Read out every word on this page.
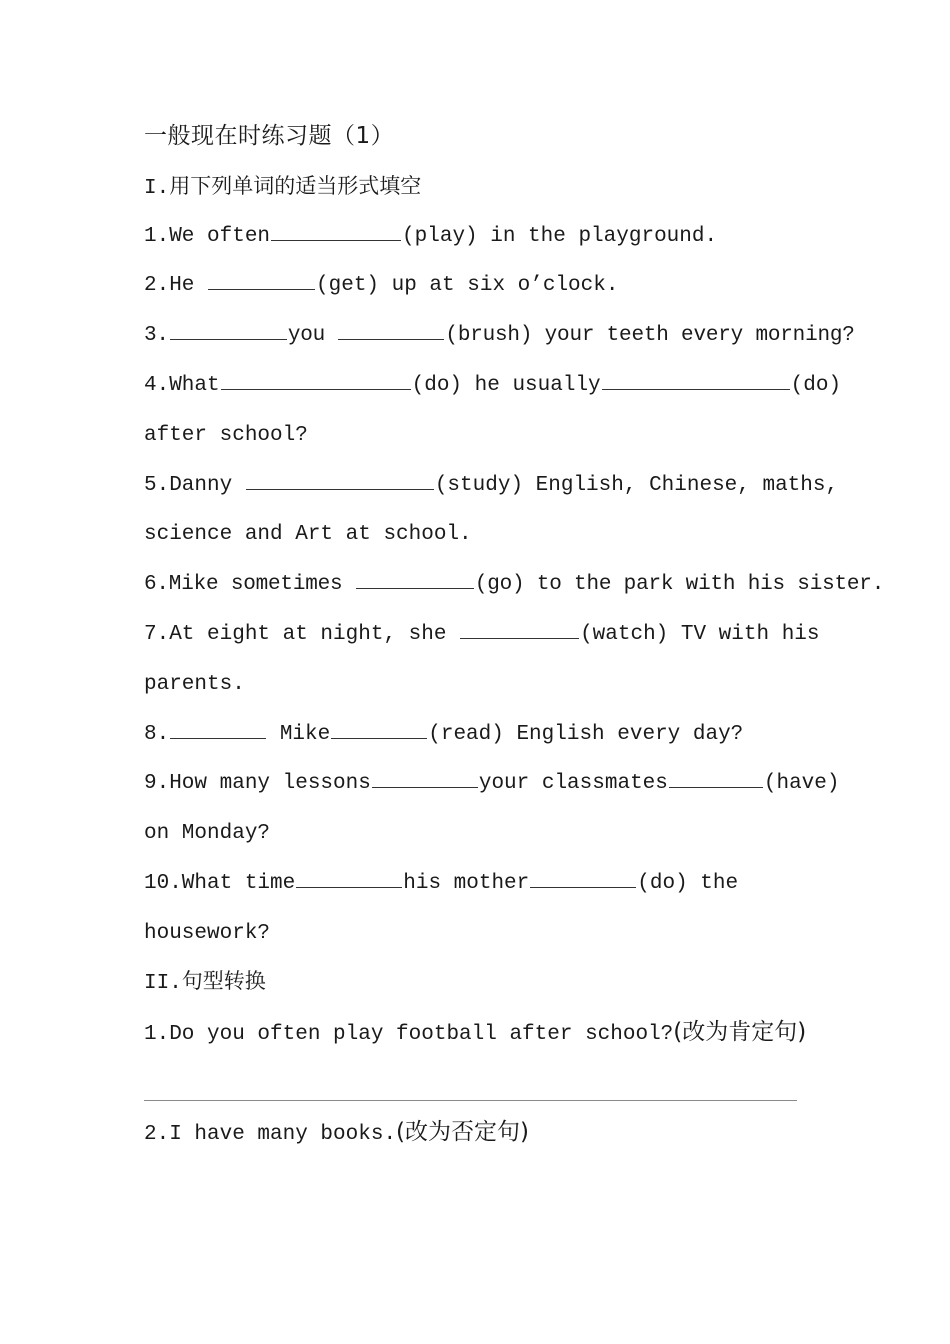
一般现在时练习题（1）
I.用下列单词的适当形式填空
1.We often	(play) in the playground.
2.He	(get) up at six o’clock.
3.	you	(brush) your teeth every morning?
4.What	(do) he usually	(do)
after school?
5.Danny	(study) English, Chinese, maths,
science and Art at school.
6.Mike sometimes	(go) to the park with his sister.
7.At eight at night, she	(watch) TV with his
parents.
8.	Mike	(read) English every day?
9.How many lessons	your classmates	(have)
on Monday?
10.What time	his mother	(do) the
housework?
II.句型转换
1.Do you often play football after school?(改为肯定句)
2.I have many books.(改为否定句)
